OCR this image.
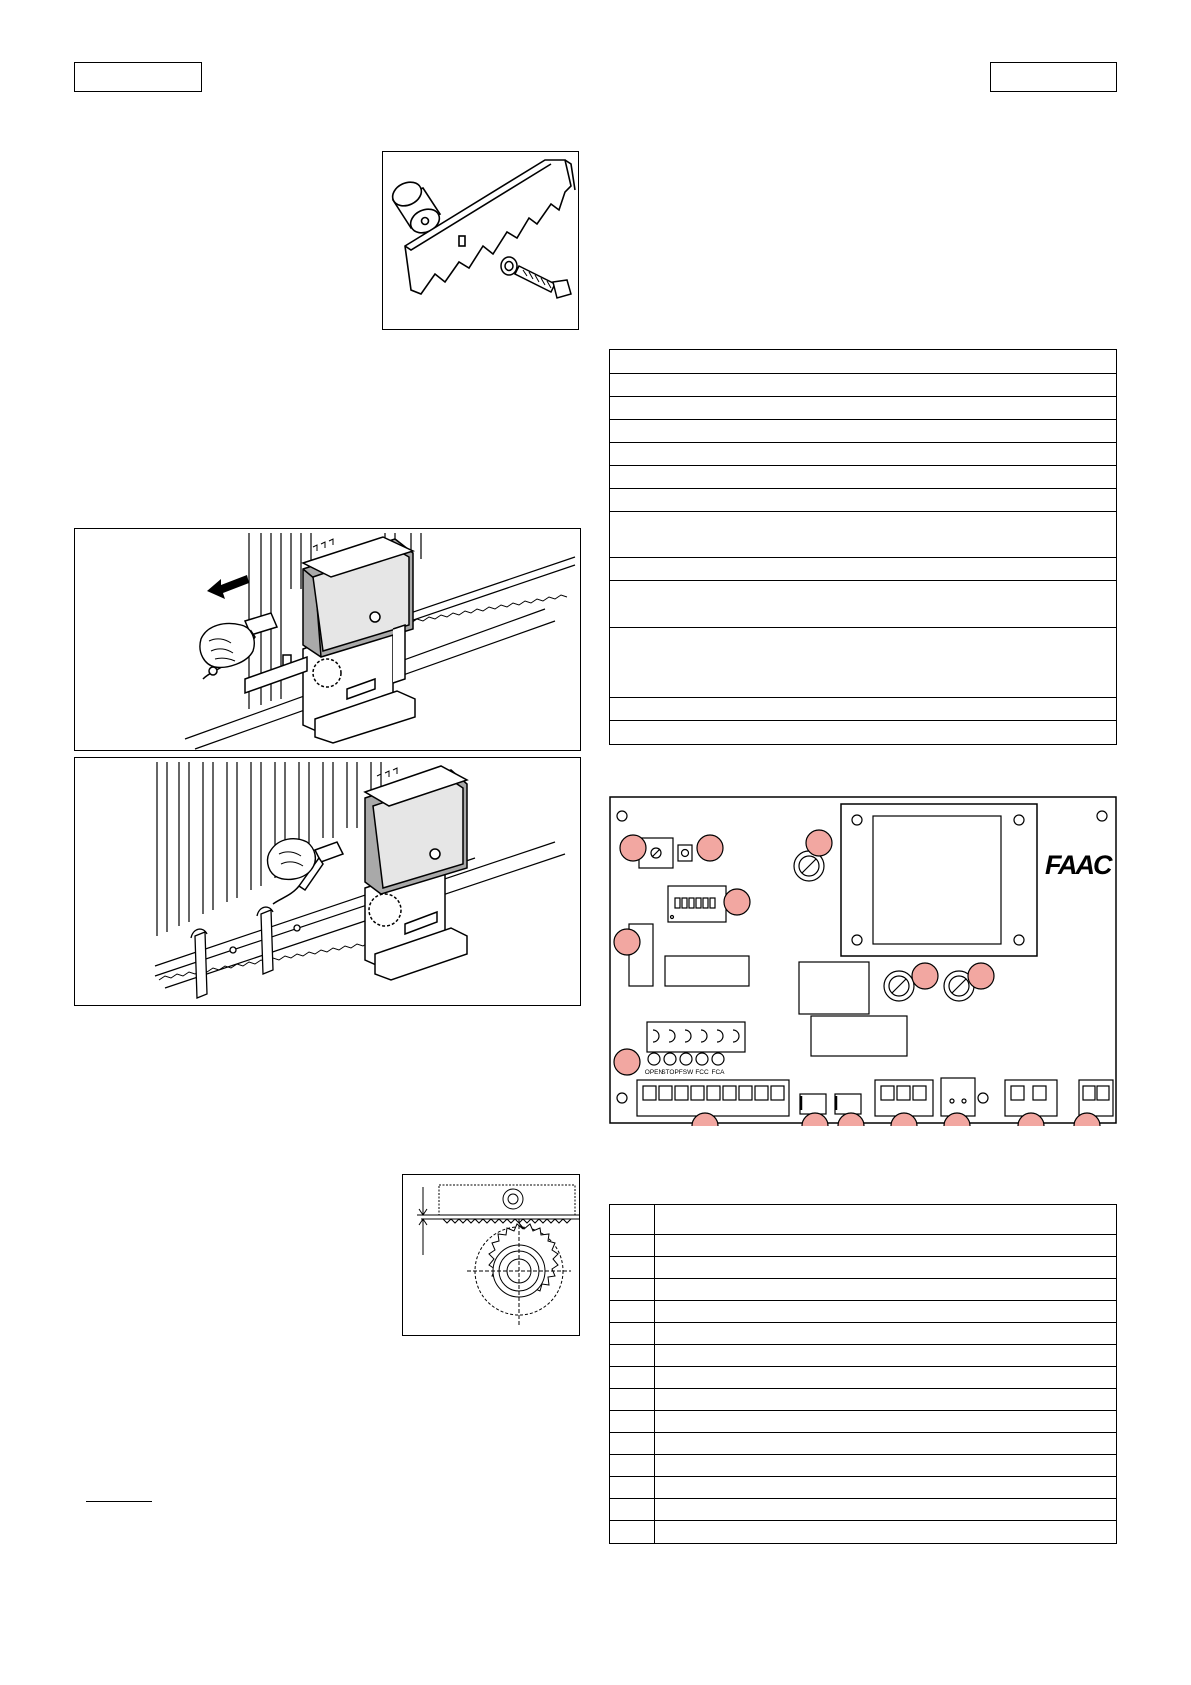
OPEN
STOP FSW FCC FCA
FAAC
